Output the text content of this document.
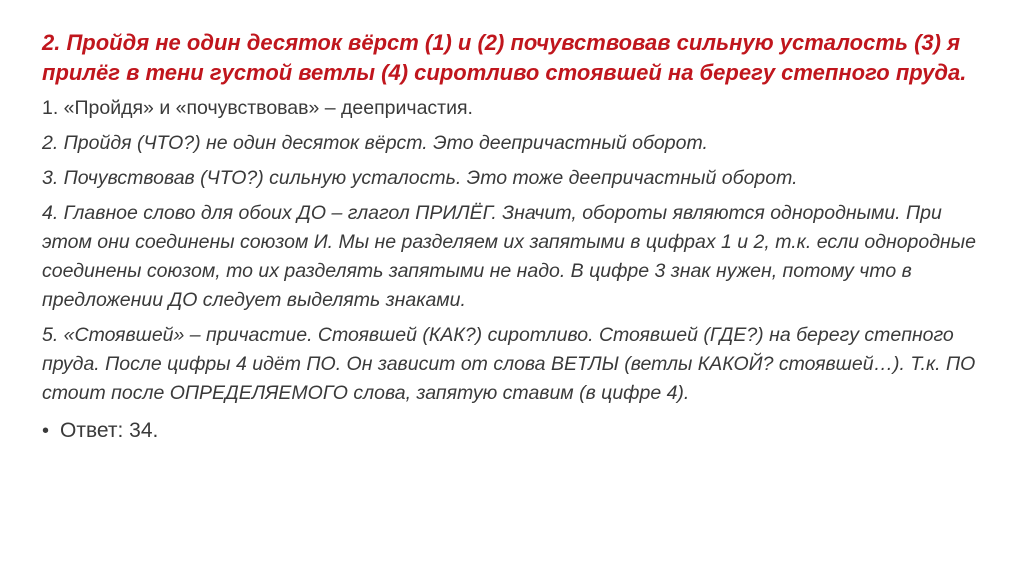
2. Пройдя не один десяток вёрст (1) и (2) почувствовав сильную усталость (3) я прилёг в тени густой ветлы (4) сиротливо стоявшей на берегу степного пруда.
1. «Пройдя» и «почувствовав» – деепричастия.
2. Пройдя (ЧТО?) не один десяток вёрст. Это деепричастный оборот.
3. Почувствовав (ЧТО?) сильную усталость. Это тоже деепричастный оборот.
4. Главное слово для обоих ДО – глагол ПРИЛЁГ. Значит, обороты являются однородными. При этом они соединены союзом И. Мы не разделяем их запятыми в цифрах 1 и 2, т.к. если однородные соединены союзом, то их разделять запятыми не надо. В цифре 3 знак нужен, потому что в предложении ДО следует выделять знаками.
5. «Стоявшей» – причастие. Стоявшей (КАК?) сиротливо. Стоявшей (ГДЕ?) на берегу степного пруда. После цифры 4 идёт ПО. Он зависит от слова ВЕТЛЫ (ветлы КАКОЙ? стоявшей…). Т.к. ПО стоит после ОПРЕДЕЛЯЕМОГО слова, запятую ставим (в цифре 4).
• Ответ: 34.
